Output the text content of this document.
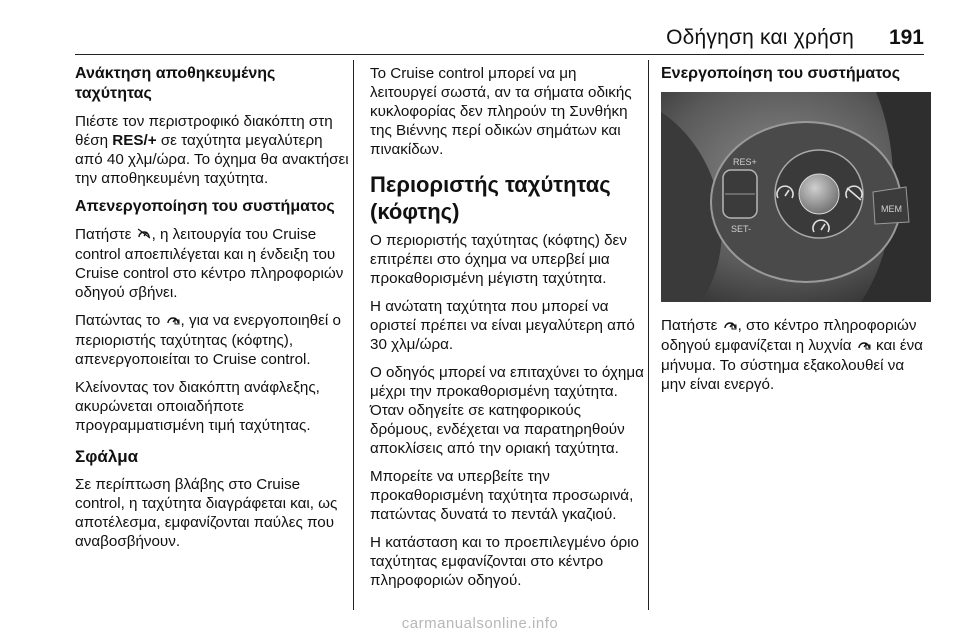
Οδήγηση και χρήση 191
Ανάκτηση αποθηκευμένης ταχύτητας

Πιέστε τον περιστροφικό διακόπτη στη θέση RES/+ σε ταχύτητα μεγαλύτερη από 40 χλμ/ώρα. Το όχημα θα ανακτήσει την αποθηκευμένη ταχύτητα.

Απενεργοποίηση του συστήματος

Πατήστε , η λειτουργία του Cruise control αποεπιλέγεται και η ένδειξη του Cruise control στο κέντρο πληροφοριών οδηγού σβήνει.

Πατώντας το , για να ενεργοποιηθεί ο περιοριστής ταχύτητας (κόφτης), απενεργοποιείται το Cruise control.

Κλείνοντας τον διακόπτη ανάφλεξης, ακυρώνεται οποιαδήποτε προγραμματισμένη τιμή ταχύτητας.

Σφάλμα

Σε περίπτωση βλάβης στο Cruise control, η ταχύτητα διαγράφεται και, ως αποτέλεσμα, εμφανίζονται παύλες που αναβοσβήνουν.

Το Cruise control μπορεί να μη λειτουργεί σωστά, αν τα σήματα οδικής κυκλοφορίας δεν πληρούν τη Συνθήκη της Βιέννης περί οδικών σημάτων και πινακίδων.

Περιοριστής ταχύτητας (κόφτης)

Ο περιοριστής ταχύτητας (κόφτης) δεν επιτρέπει στο όχημα να υπερβεί μια προκαθορισμένη μέγιστη ταχύτητα.

Η ανώτατη ταχύτητα που μπορεί να οριστεί πρέπει να είναι μεγαλύτερη από 30 χλμ/ώρα.

Ο οδηγός μπορεί να επιταχύνει το όχημα μέχρι την προκαθορισμένη ταχύτητα. Όταν οδηγείτε σε κατηφορικούς δρόμους, ενδέχεται να παρατηρηθούν αποκλίσεις από την οριακή ταχύτητα.

Μπορείτε να υπερβείτε την προκαθορισμένη ταχύτητα προσωρινά, πατώντας δυνατά το πεντάλ γκαζιού.

Η κατάσταση και το προεπιλεγμένο όριο ταχύτητας εμφανίζονται στο κέντρο πληροφοριών οδηγού.

Ενεργοποίηση του συστήματος
RES+
SET-
MEM

Πατήστε , στο κέντρο πληροφοριών οδηγού εμφανίζεται η λυχνία  και ένα μήνυμα. Το σύστημα εξακολουθεί να μην είναι ενεργό.

carmanualsonline.info
